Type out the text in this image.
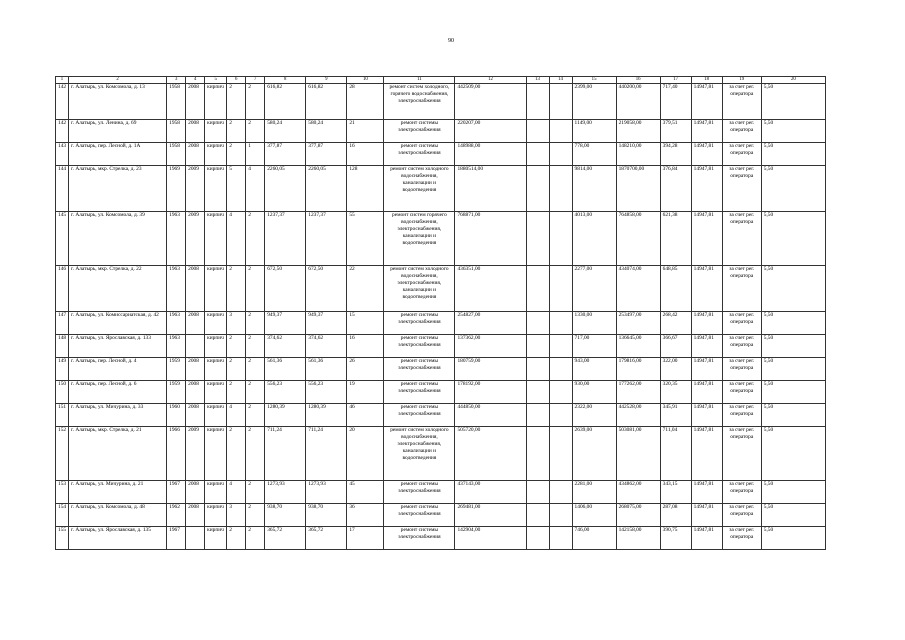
90
1	2	3	4	5	6	7	8	9	10	11	12	13	14	15	16	17	18	19	20
142	г. Алатырь, ул. Комсомола, д. 13	1958	2008	кирпич	2	2	616,82	616,82	28	ремонт систем холодного, горячего водоснабжения, электроснабжения	442509,00			2399,00	440200,00	717,40	14947,81	за счет рег. оператора	5,50
142	г. Алатырь, ул. Ленина, д. 69	1958	2008	кирпич	2	2	580,24	580,24	21	ремонт системы электроснабжения	220207,00			1149,00	219058,00	379,51	14947,81	за счет рег. оператора	5,50
143	г. Алатырь, пер. Лесной, д. 1А	1958	2008	кирпич	2	1	377,87	377,87	16	ремонт системы электроснабжения	148988,00			778,00	148210,00	394,28	14947,81	за счет рег. оператора	5,50
144	г. Алатырь, мкр. Стрелка, д. 23	1969	2009	кирпич	5	4	2260,05	2260,05	128	ремонт систем холодного водоснабжения, канализации и водоотведения	1880514,00			9814,00	1870700,00	376,84	14947,81	за счет рег. оператора	5,50
145	г. Алатырь, ул. Комсомола, д. 39	1963	2009	кирпич	4	2	1237,37	1237,37	55	ремонт систем горячего водоснабжения, электроснабжения, канализации и водоотведения	768871,00			4013,00	764858,00	621,38	14947,81	за счет рег. оператора	5,50
146	г. Алатырь, мкр. Стрелка, д. 22	1963	2008	кирпич	2	2	672,50	672,50	22	ремонт систем холодного водоснабжения, электроснабжения, канализации и водоотведения	436351,00			2277,00	434074,00	648,85	14947,81	за счет рег. оператора	5,50
147	г. Алатырь, ул. Комиссариатская, д. 42	1963	2008	кирпич	3	2	949,37	949,37	15	ремонт системы электроснабжения	254827,00			1330,00	253497,00	268,42	14947,81	за счет рег. оператора	5,50
148	г. Алатырь, ул. Ярославская, д. 133	1963		кирпич	2	2	374,62	374,62	16	ремонт системы электроснабжения	137362,00			717,00	136645,00	366,67	14947,81	за счет рег. оператора	5,50
149	г. Алатырь, пер. Лесной, д. 4	1959	2008	кирпич	2	2	561,36	561,36	26	ремонт системы электроснабжения	180759,00			943,00	179816,00	322,00	14947,81	за счет рег. оператора	5,50
150	г. Алатырь, пер. Лесной, д. 6	1959	2008	кирпич	2	2	556,23	556,23	19	ремонт системы электроснабжения	178192,00			930,00	177262,00	320,35	14947,81	за счет рег. оператора	5,50
151	г. Алатырь, ул. Мичурина, д. 33	1960	2008	кирпич	4	2	1280,39	1280,39	46	ремонт системы электроснабжения	444850,00			2322,00	442528,00	345,91	14947,81	за счет рег. оператора	5,50
152	г. Алатырь, мкр. Стрелка, д. 21	1966	2009	кирпич	2	2	711,24	711,24	20	ремонт систем холодного водоснабжения, электроснабжения, канализации и водоотведения	505720,00			2639,00	503081,00	711,04	14947,81	за счет рег. оператора	5,50
153	г. Алатырь, ул. Мичурина, д. 21	1967	2008	кирпич	4	2	1273,93	1273,93	45	ремонт системы электроснабжения	437143,00			2281,00	434862,00	343,15	14947,81	за счет рег. оператора	5,50
154	г. Алатырь, ул. Комсомола, д. 48	1962	2008	кирпич	3	2	938,70	938,70	36	ремонт системы электроснабжения	269481,00			1406,00	268075,00	287,08	14947,81	за счет рег. оператора	5,50
155	г. Алатырь, ул. Ярославская, д. 135	1967		кирпич	2	2	365,72	365,72	17	ремонт системы электроснабжения	142904,00			746,00	142158,00	390,75	14947,81	за счет рег. оператора	5,50
